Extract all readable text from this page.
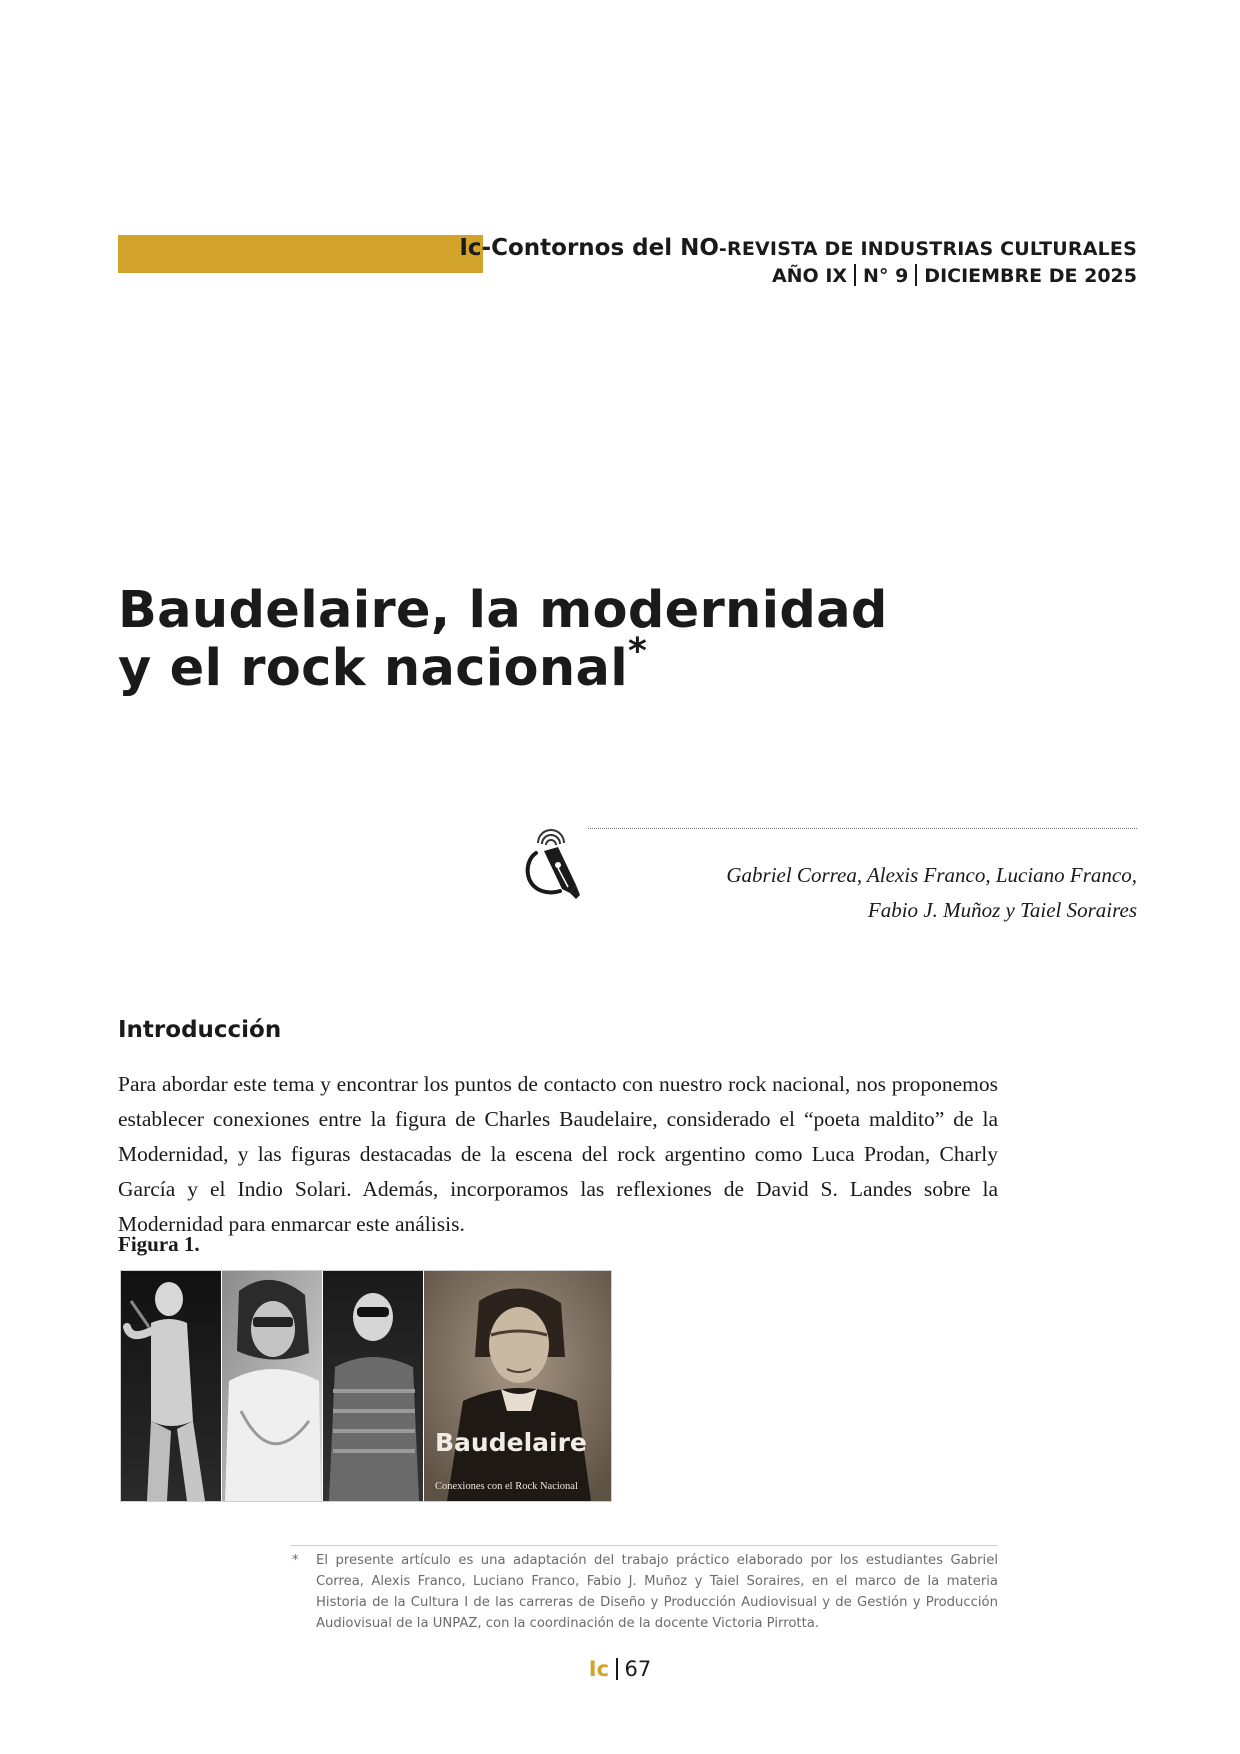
Ic-Contornos del NO-REVISTA DE INDUSTRIAS CULTURALES
AÑO IX N° 9 DICIEMBRE DE 2025
Baudelaire, la modernidad
y el rock nacional*
Gabriel Correa, Alexis Franco, Luciano Franco,
Fabio J. Muñoz y Taiel Soraires
Introducción

Para abordar este tema y encontrar los puntos de contacto con nuestro rock nacional, nos proponemos establecer conexiones entre la figura de Charles Baudelaire, considerado el “poeta maldito” de la Modernidad, y las figuras destacadas de la escena del rock argentino como Luca Prodan, Charly García y el Indio Solari. Además, incorporamos las reflexiones de David S. Landes sobre la Modernidad para enmarcar este análisis.

Figura 1.

Baudelaire
Conexiones con el Rock Nacional
* El presente artículo es una adaptación del trabajo práctico elaborado por los estudiantes Gabriel Correa, Alexis Franco, Luciano Franco, Fabio J. Muñoz y Taiel Soraires, en el marco de la materia Historia de la Cultura I de las carreras de Diseño y Producción Audiovisual y de Gestión y Producción Audiovisual de la UNPAZ, con la coordinación de la docente Victoria Pirrotta.
Ic 67
